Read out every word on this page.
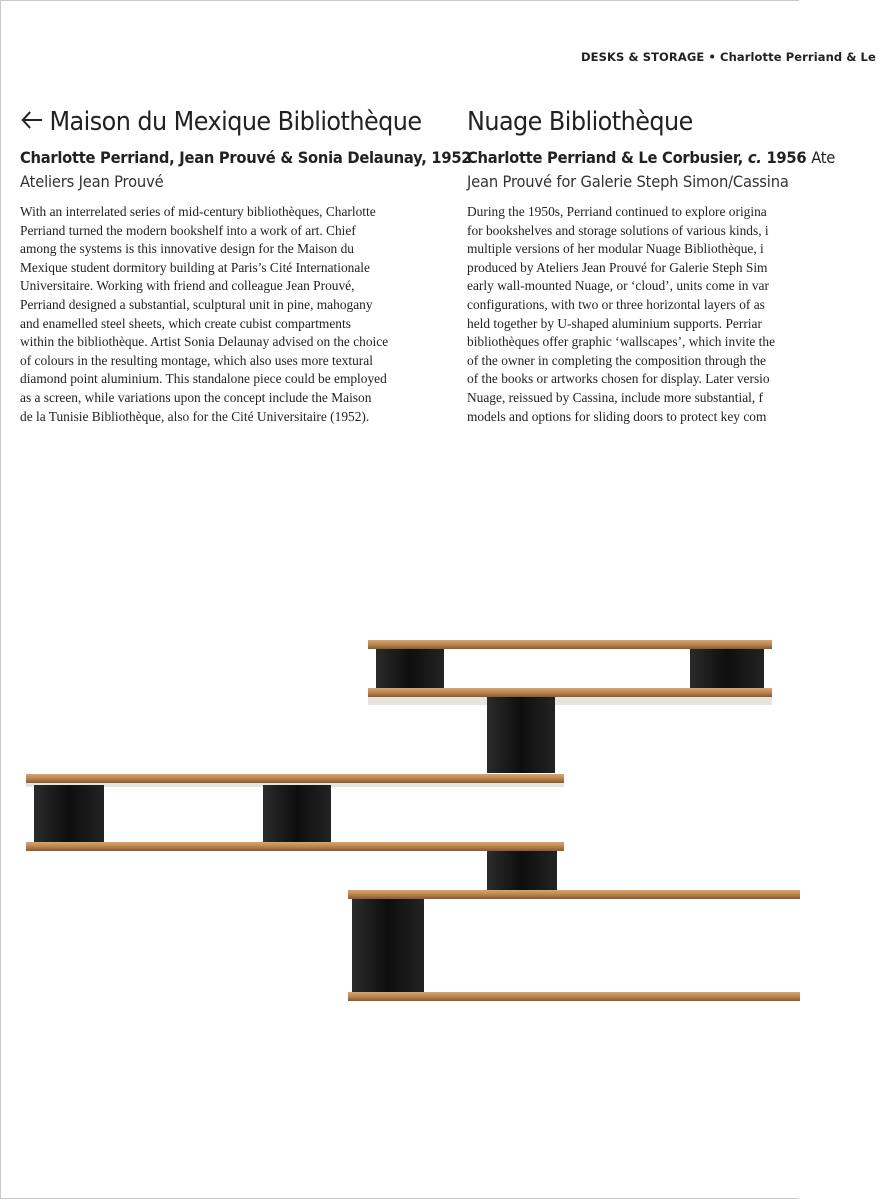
DESKS & STORAGE • Charlotte Perriand & Le
Maison du Mexique Bibliothèque
Charlotte Perriand, Jean Prouvé & Sonia Delaunay, 1952
Ateliers Jean Prouvé
With an interrelated series of mid-century bibliothèques, Charlotte
Perriand turned the modern bookshelf into a work of art. Chief
among the systems is this innovative design for the Maison du
Mexique student dormitory building at Paris’s Cité Internationale
Universitaire. Working with friend and colleague Jean Prouvé,
Perriand designed a substantial, sculptural unit in pine, mahogany
and enamelled steel sheets, which create cubist compartments
within the bibliothèque. Artist Sonia Delaunay advised on the choice
of colours in the resulting montage, which also uses more textural
diamond point aluminium. This standalone piece could be employed
as a screen, while variations upon the concept include the Maison
de la Tunisie Bibliothèque, also for the Cité Universitaire (1952).
Nuage Bibliothèque
Charlotte Perriand & Le Corbusier, c. 1956 Ate
Jean Prouvé for Galerie Steph Simon/Cassina
During the 1950s, Perriand continued to explore origina
for bookshelves and storage solutions of various kinds, i
multiple versions of her modular Nuage Bibliothèque, i
produced by Ateliers Jean Prouvé for Galerie Steph Sim
early wall-mounted Nuage, or ‘cloud’, units come in var
configurations, with two or three horizontal layers of as
held together by U-shaped aluminium supports. Perriar
bibliothèques offer graphic ‘wallscapes’, which invite the
of the owner in completing the composition through the
of the books or artworks chosen for display. Later versio
Nuage, reissued by Cassina, include more substantial, f
models and options for sliding doors to protect key com
